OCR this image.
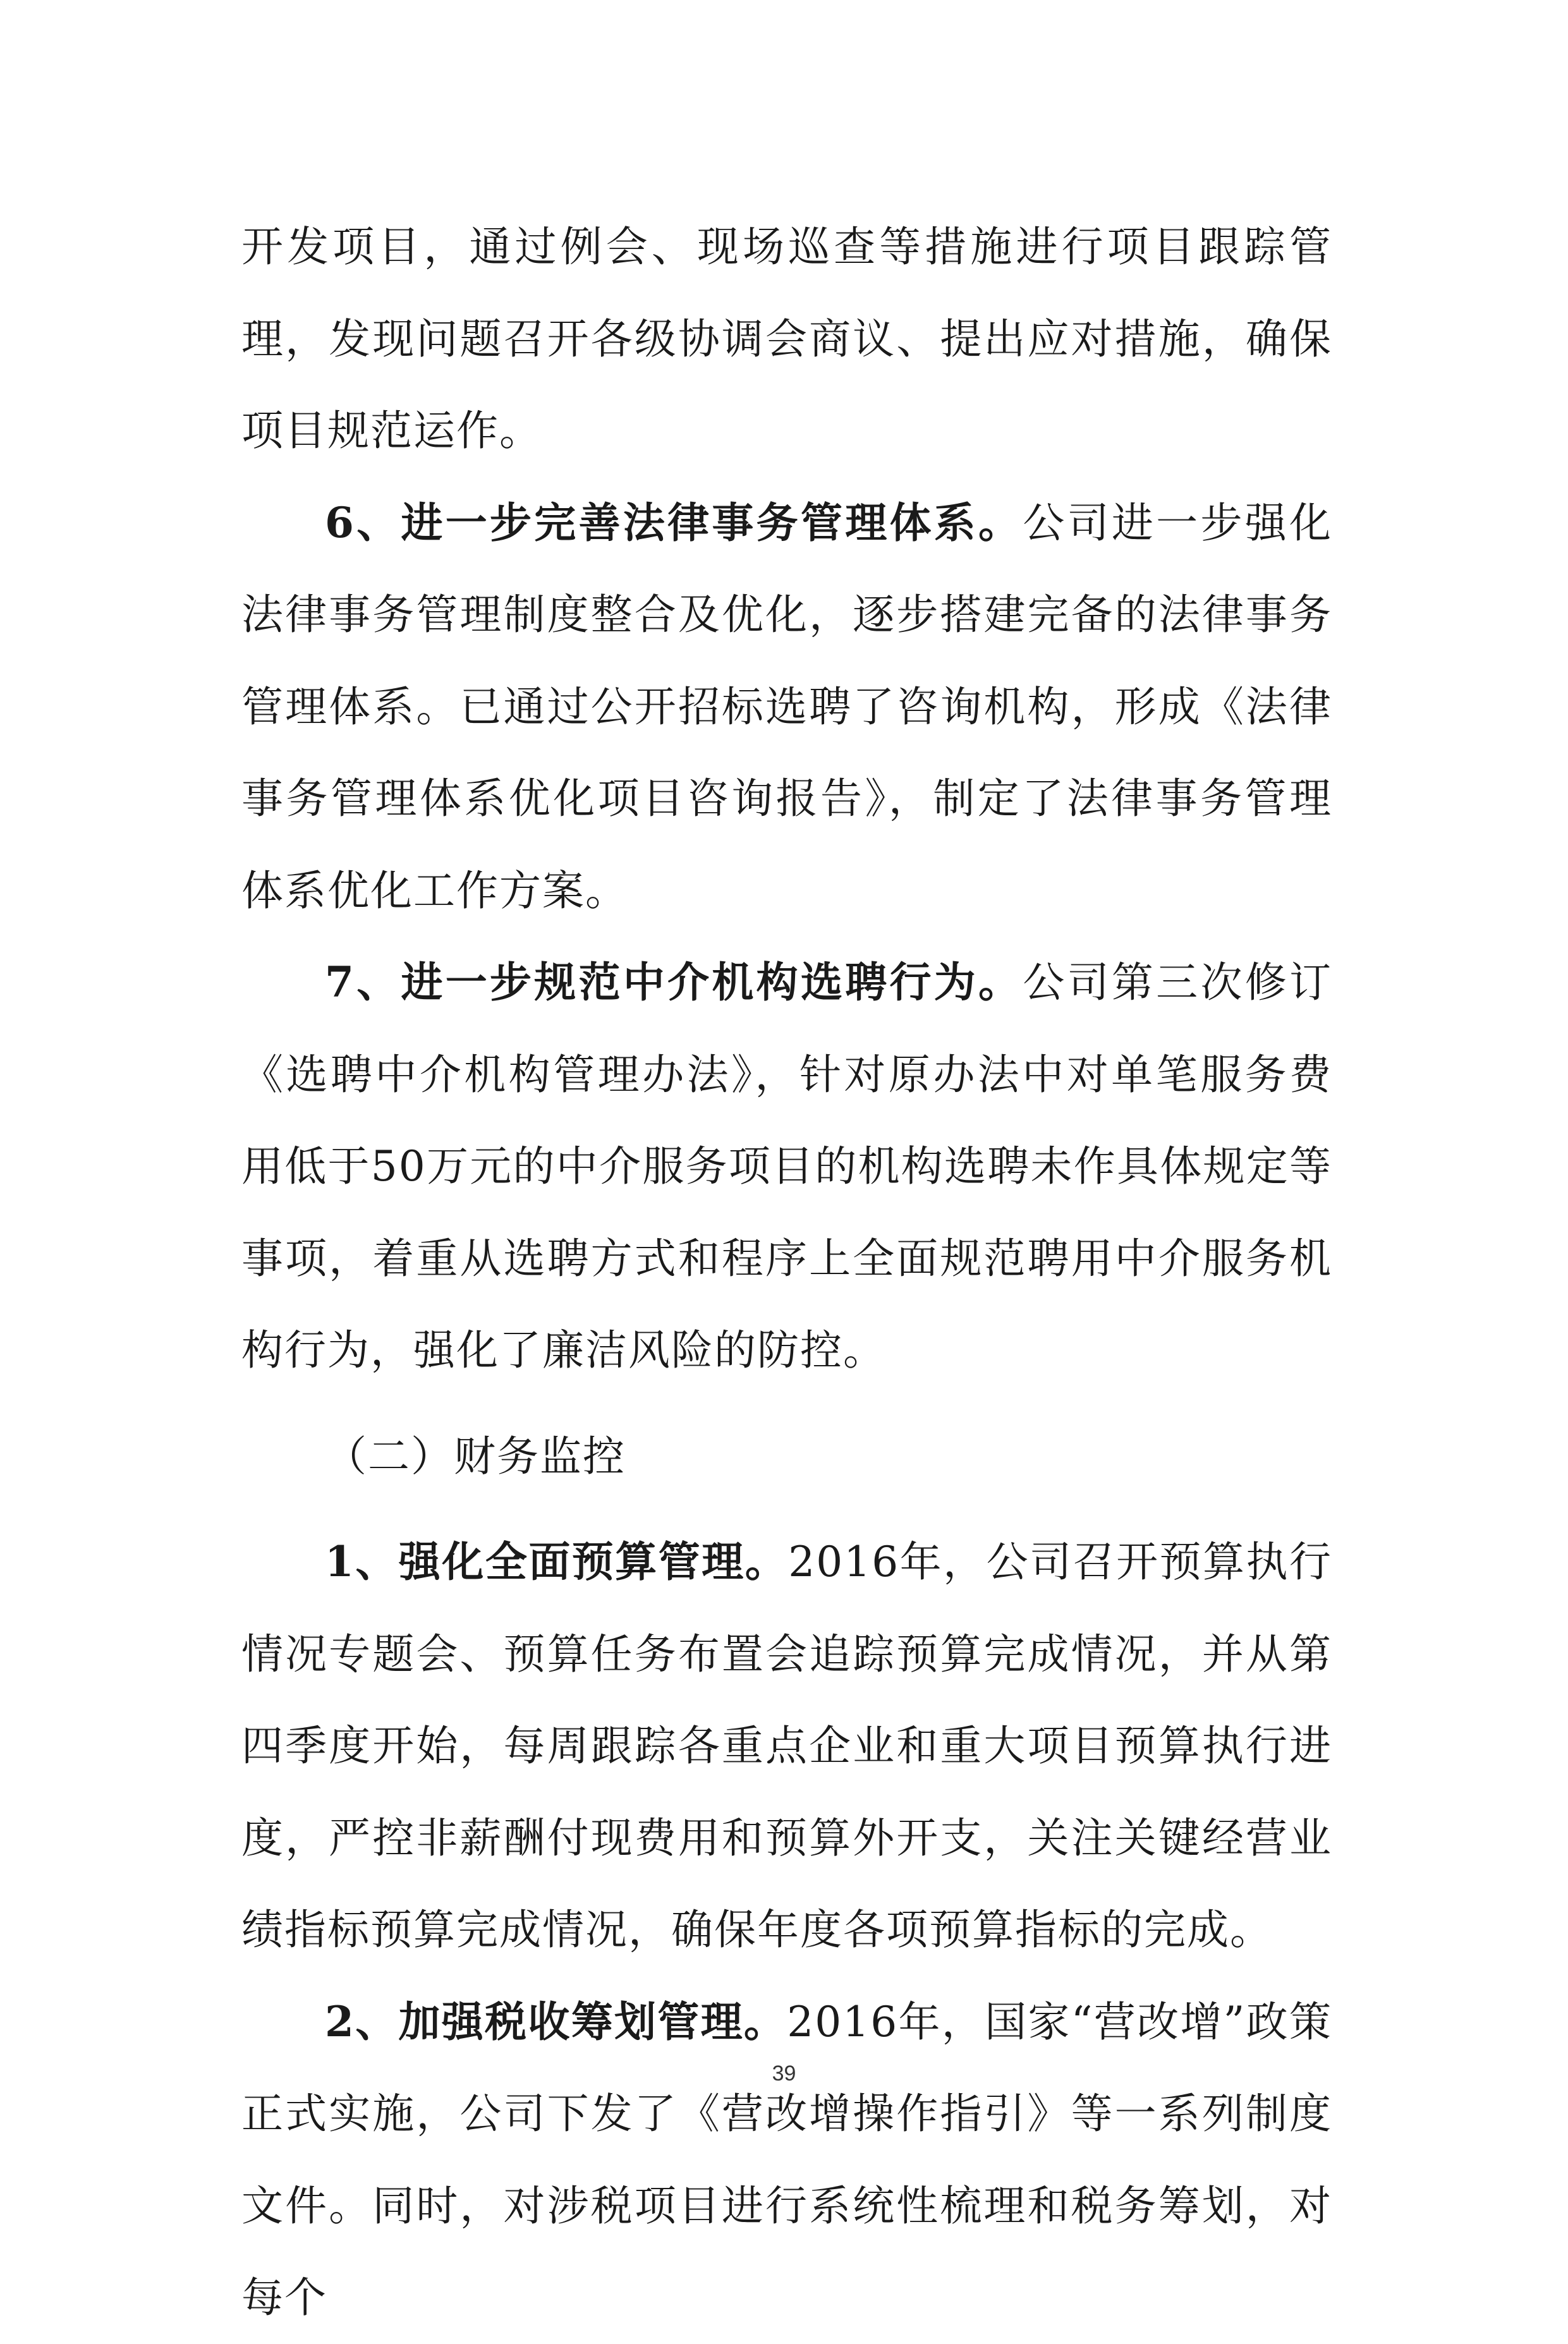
开发项目，通过例会、现场巡查等措施进行项目跟踪管理，发现问题召开各级协调会商议、提出应对措施，确保项目规范运作。

6、进一步完善法律事务管理体系。公司进一步强化法律事务管理制度整合及优化，逐步搭建完备的法律事务管理体系。已通过公开招标选聘了咨询机构，形成《法律事务管理体系优化项目咨询报告》，制定了法律事务管理体系优化工作方案。

7、进一步规范中介机构选聘行为。公司第三次修订《选聘中介机构管理办法》，针对原办法中对单笔服务费用低于50万元的中介服务项目的机构选聘未作具体规定等事项，着重从选聘方式和程序上全面规范聘用中介服务机构行为，强化了廉洁风险的防控。

（二）财务监控

1、强化全面预算管理。2016年，公司召开预算执行情况专题会、预算任务布置会追踪预算完成情况，并从第四季度开始，每周跟踪各重点企业和重大项目预算执行进度，严控非薪酬付现费用和预算外开支，关注关键经营业绩指标预算完成情况，确保年度各项预算指标的完成。

2、加强税收筹划管理。2016年，国家“营改增”政策正式实施，公司下发了《营改增操作指引》等一系列制度文件。同时，对涉税项目进行系统性梳理和税务筹划，对每个

39
